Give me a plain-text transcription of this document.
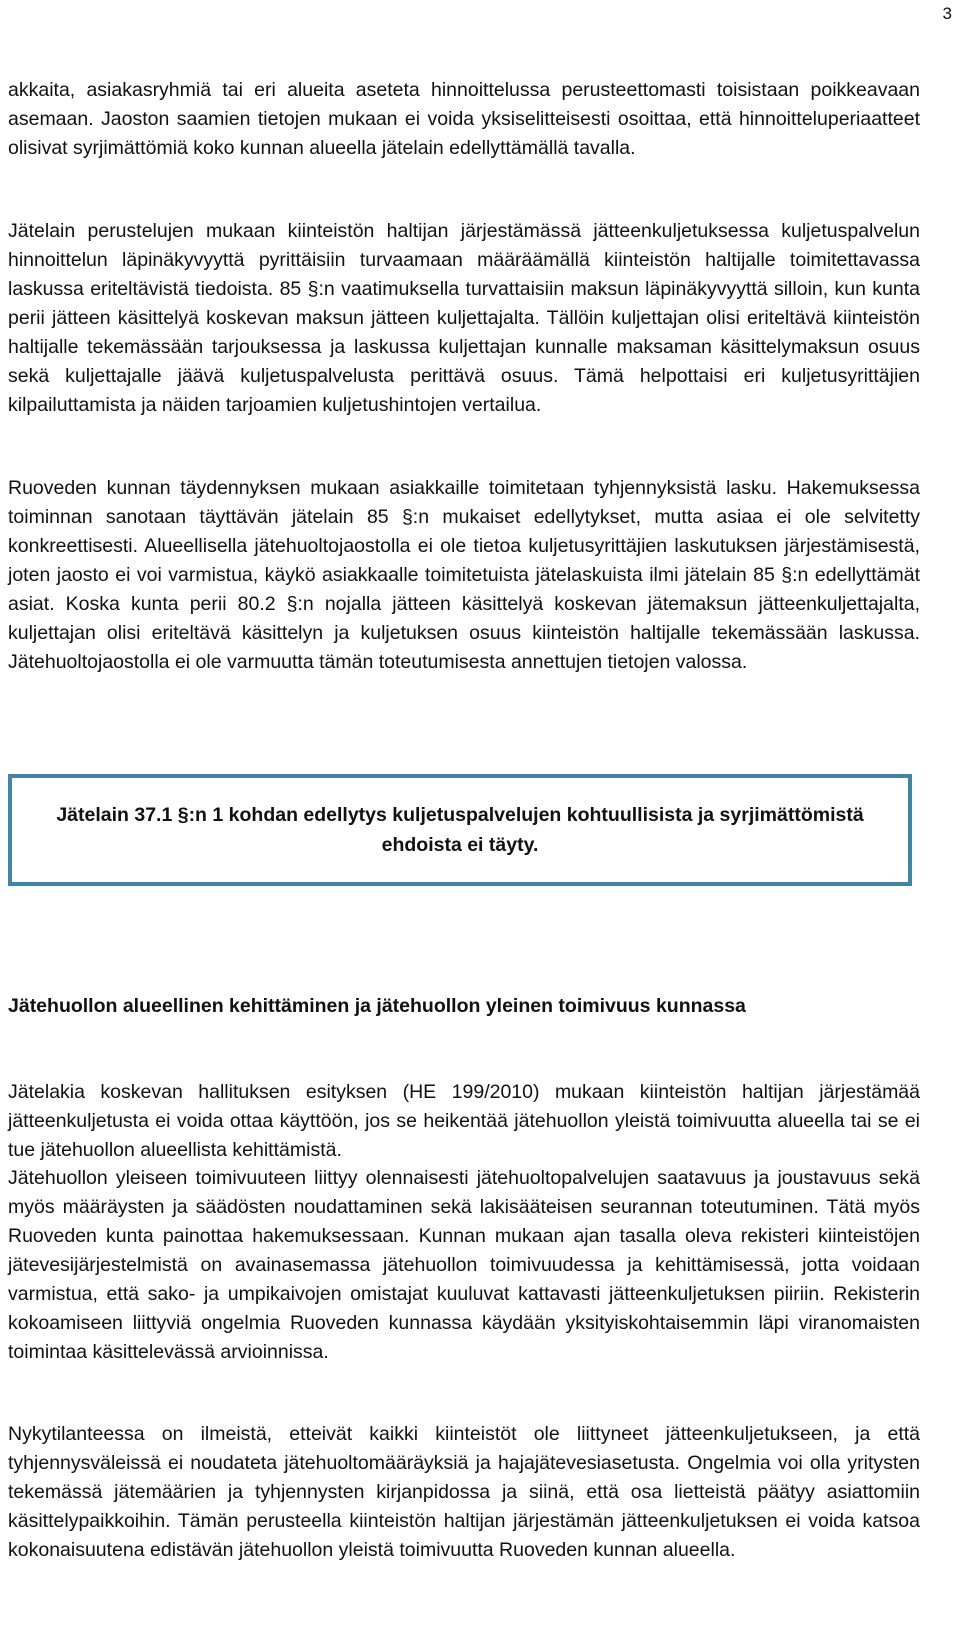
3

akkaita, asiakasryhmiä tai eri alueita aseteta hinnoittelussa perusteettomasti toisistaan poikkeavaan asemaan. Jaoston saamien tietojen mukaan ei voida yksiselitteisesti osoittaa, että hinnoitteluperiaatteet olisivat syrjimättömiä koko kunnan alueella jätelain edellyttämällä tavalla.

Jätelain perustelujen mukaan kiinteistön haltijan järjestämässä jätteenkuljetuksessa kuljetuspalvelun hinnoittelun läpinäkyvyyttä pyrittäisiin turvaamaan määräämällä kiinteistön haltijalle toimitettavassa laskussa eriteltävistä tiedoista. 85 §:n vaatimuksella turvattaisiin maksun läpinäkyvyyttä silloin, kun kunta perii jätteen käsittelyä koskevan maksun jätteen kuljettajalta. Tällöin kuljettajan olisi eriteltävä kiinteistön haltijalle tekemässään tarjouksessa ja laskussa kuljettajan kunnalle maksaman käsittelymaksun osuus sekä kuljettajalle jäävä kuljetuspalvelusta perittävä osuus. Tämä helpottaisi eri kuljetusyrittäjien kilpailuttamista ja näiden tarjoamien kuljetushintojen vertailua.

Ruoveden kunnan täydennyksen mukaan asiakkaille toimitetaan tyhjennyksistä lasku. Hakemuksessa toiminnan sanotaan täyttävän jätelain 85 §:n mukaiset edellytykset, mutta asiaa ei ole selvitetty konkreettisesti. Alueellisella jätehuoltojaostolla ei ole tietoa kuljetusyrittäjien laskutuksen järjestämisestä, joten jaosto ei voi varmistua, käykö asiakkaalle toimitetuista jätelaskuista ilmi jätelain 85 §:n edellyttämät asiat. Koska kunta perii 80.2 §:n nojalla jätteen käsittelyä koskevan jätemaksun jätteenkuljettajalta, kuljettajan olisi eriteltävä käsittelyn ja kuljetuksen osuus kiinteistön haltijalle tekemässään laskussa. Jätehuoltojaostolla ei ole varmuutta tämän toteutumisesta annettujen tietojen valossa.

Jätelain 37.1 §:n 1 kohdan edellytys kuljetuspalvelujen kohtuullisista ja syrjimättömistä ehdoista ei täyty.

Jätehuollon alueellinen kehittäminen ja jätehuollon yleinen toimivuus kunnassa

Jätelakia koskevan hallituksen esityksen (HE 199/2010) mukaan kiinteistön haltijan järjestämää jätteenkuljetusta ei voida ottaa käyttöön, jos se heikentää jätehuollon yleistä toimivuutta alueella tai se ei tue jätehuollon alueellista kehittämistä.

Jätehuollon yleiseen toimivuuteen liittyy olennaisesti jätehuoltopalvelujen saatavuus ja joustavuus sekä myös määräysten ja säädösten noudattaminen sekä lakisääteisen seurannan toteutuminen. Tätä myös Ruoveden kunta painottaa hakemuksessaan. Kunnan mukaan ajan tasalla oleva rekisteri kiinteistöjen jätevesijärjestelmistä on avainasemassa jätehuollon toimivuudessa ja kehittämisessä, jotta voidaan varmistua, että sako- ja umpikaivojen omistajat kuuluvat kattavasti jätteenkuljetuksen piiriin. Rekisterin kokoamiseen liittyviä ongelmia Ruoveden kunnassa käydään yksityiskohtaisemmin läpi viranomaisten toimintaa käsittelevässä arvioinnissa.

Nykytilanteessa on ilmeistä, etteivät kaikki kiinteistöt ole liittyneet jätteenkuljetukseen, ja että tyhjennysväleissä ei noudateta jätehuoltomääräyksiä ja hajajätevesiasetusta. Ongelmia voi olla yritysten tekemässä jätemäärien ja tyhjennysten kirjanpidossa ja siinä, että osa lietteistä päätyy asiattomiin käsittelypaikkoihin. Tämän perusteella kiinteistön haltijan järjestämän jätteenkuljetuksen ei voida katsoa kokonaisuutena edistävän jätehuollon yleistä toimivuutta Ruoveden kunnan alueella.
